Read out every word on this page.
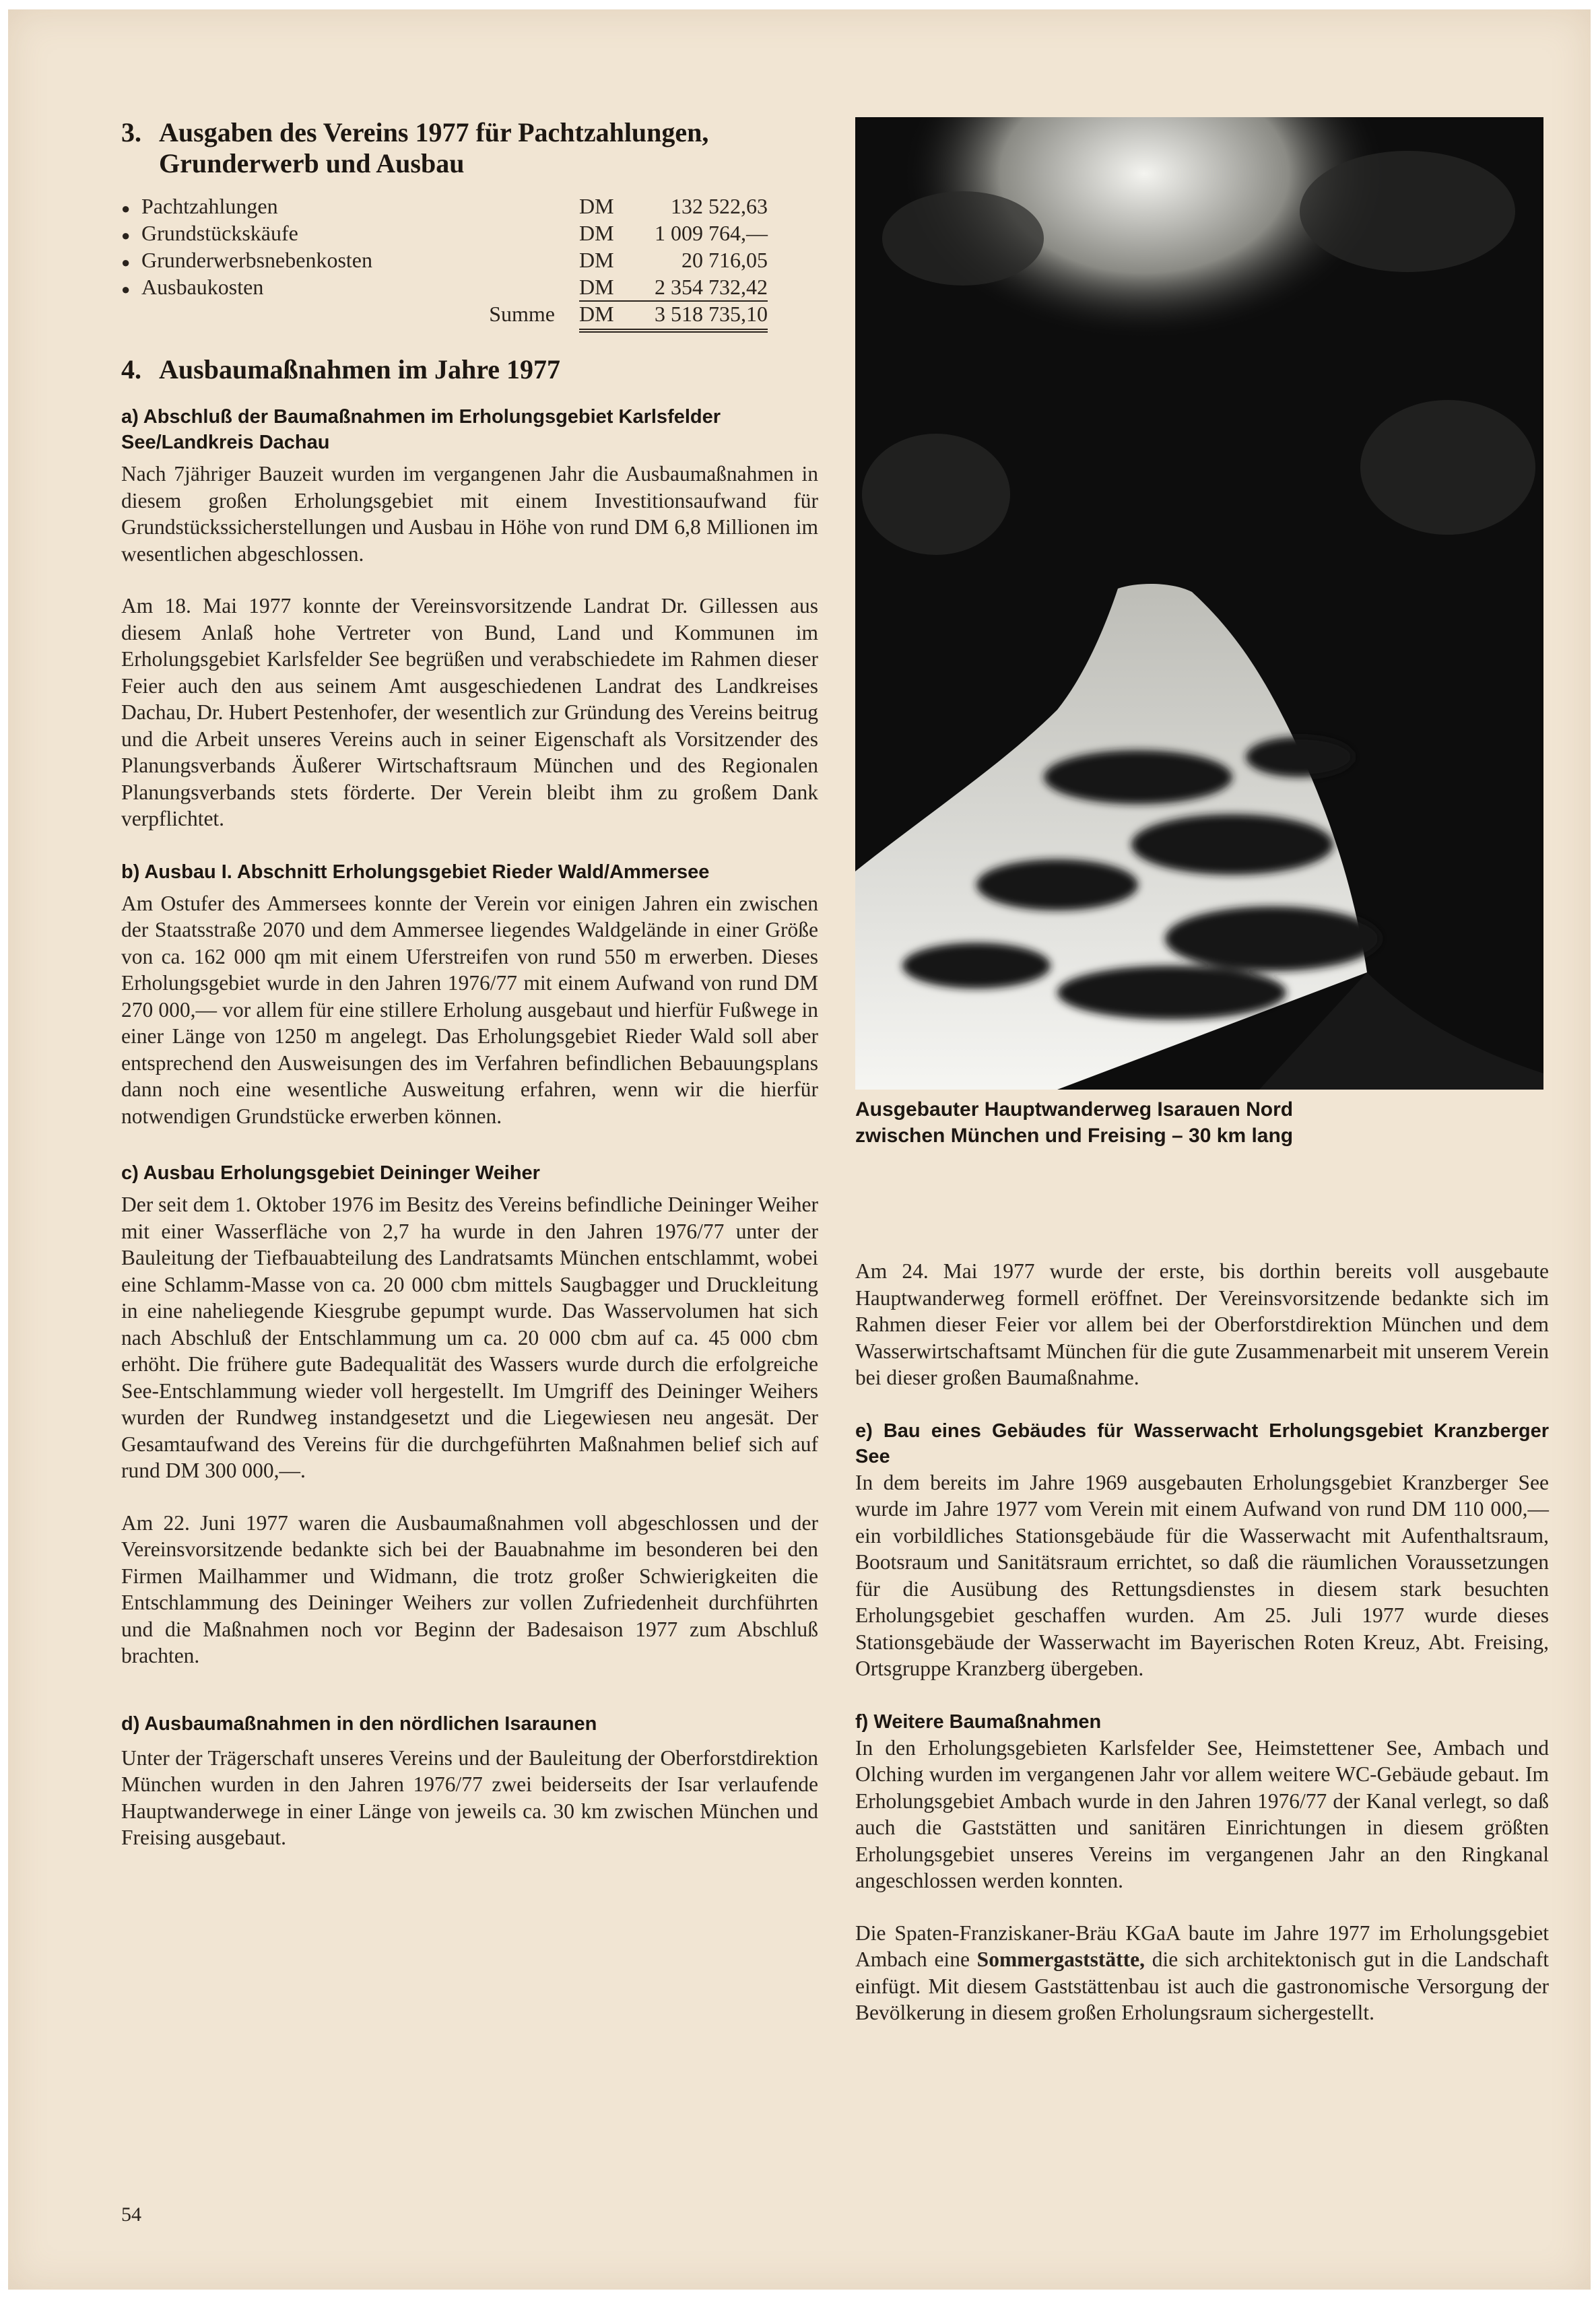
3. Ausgaben des Vereins 1977 für Pachtzahlungen, Grunderwerb und Ausbau
● Pachtzahlungen	DM	132 522,63
● Grundstückskäufe	DM	1 009 764,—
● Grunderwerbsnebenkosten	DM	20 716,05
● Ausbaukosten	DM	2 354 732,42
Summe	DM	3 518 735,10
4. Ausbaumaßnahmen im Jahre 1977
a) Abschluß der Baumaßnahmen im Erholungsgebiet Karlsfelder See/Landkreis Dachau

Nach 7jähriger Bauzeit wurden im vergangenen Jahr die Ausbaumaßnahmen in diesem großen Erholungsgebiet mit einem Investitionsaufwand für Grundstückssicherstellungen und Ausbau in Höhe von rund DM 6,8 Millionen im wesentlichen abgeschlossen.

Am 18. Mai 1977 konnte der Vereinsvorsitzende Landrat Dr. Gillessen aus diesem Anlaß hohe Vertreter von Bund, Land und Kommunen im Erholungsgebiet Karlsfelder See begrüßen und verabschiedete im Rahmen dieser Feier auch den aus seinem Amt ausgeschiedenen Landrat des Landkreises Dachau, Dr. Hubert Pestenhofer, der wesentlich zur Gründung des Vereins beitrug und die Arbeit unseres Vereins auch in seiner Eigenschaft als Vorsitzender des Planungsverbands Äußerer Wirtschaftsraum München und des Regionalen Planungsverbands stets förderte. Der Verein bleibt ihm zu großem Dank verpflichtet.

b) Ausbau I. Abschnitt Erholungsgebiet Rieder Wald/Ammersee

Am Ostufer des Ammersees konnte der Verein vor einigen Jahren ein zwischen der Staatsstraße 2070 und dem Ammersee liegendes Waldgelände in einer Größe von ca. 162 000 qm mit einem Uferstreifen von rund 550 m erwerben. Dieses Erholungsgebiet wurde in den Jahren 1976/77 mit einem Aufwand von rund DM 270 000,— vor allem für eine stillere Erholung ausgebaut und hierfür Fußwege in einer Länge von 1250 m angelegt. Das Erholungsgebiet Rieder Wald soll aber entsprechend den Ausweisungen des im Verfahren befindlichen Bebauungsplans dann noch eine wesentliche Ausweitung erfahren, wenn wir die hierfür notwendigen Grundstücke erwerben können.

c) Ausbau Erholungsgebiet Deininger Weiher

Der seit dem 1. Oktober 1976 im Besitz des Vereins befindliche Deininger Weiher mit einer Wasserfläche von 2,7 ha wurde in den Jahren 1976/77 unter der Bauleitung der Tiefbauabteilung des Landratsamts München entschlammt, wobei eine Schlamm-Masse von ca. 20 000 cbm mittels Saugbagger und Druckleitung in eine naheliegende Kiesgrube gepumpt wurde. Das Wasservolumen hat sich nach Abschluß der Entschlammung um ca. 20 000 cbm auf ca. 45 000 cbm erhöht. Die frühere gute Badequalität des Wassers wurde durch die erfolgreiche See-Entschlammung wieder voll hergestellt. Im Umgriff des Deininger Weihers wurden der Rundweg instandgesetzt und die Liegewiesen neu angesät. Der Gesamtaufwand des Vereins für die durchgeführten Maßnahmen belief sich auf rund DM 300 000,—.

Am 22. Juni 1977 waren die Ausbaumaßnahmen voll abgeschlossen und der Vereinsvorsitzende bedankte sich bei der Bauabnahme im besonderen bei den Firmen Mailhammer und Widmann, die trotz großer Schwierigkeiten die Entschlammung des Deininger Weihers zur vollen Zufriedenheit durchführten und die Maßnahmen noch vor Beginn der Badesaison 1977 zum Abschluß brachten.

d) Ausbaumaßnahmen in den nördlichen Isaraunen

Unter der Trägerschaft unseres Vereins und der Bauleitung der Oberforstdirektion München wurden in den Jahren 1976/77 zwei beiderseits der Isar verlaufende Hauptwanderwege in einer Länge von jeweils ca. 30 km zwischen München und Freising ausgebaut.

Ausgebauter Hauptwanderweg Isarauen Nord
zwischen München und Freising – 30 km lang

Am 24. Mai 1977 wurde der erste, bis dorthin bereits voll ausgebaute Hauptwanderweg formell eröffnet. Der Vereinsvorsitzende bedankte sich im Rahmen dieser Feier vor allem bei der Oberforstdirektion München und dem Wasserwirtschaftsamt München für die gute Zusammenarbeit mit unserem Verein bei dieser großen Baumaßnahme.

e) Bau eines Gebäudes für Wasserwacht Erholungsgebiet Kranzberger See

In dem bereits im Jahre 1969 ausgebauten Erholungsgebiet Kranzberger See wurde im Jahre 1977 vom Verein mit einem Aufwand von rund DM 110 000,— ein vorbildliches Stationsgebäude für die Wasserwacht mit Aufenthaltsraum, Bootsraum und Sanitätsraum errichtet, so daß die räumlichen Voraussetzungen für die Ausübung des Rettungsdienstes in diesem stark besuchten Erholungsgebiet geschaffen wurden. Am 25. Juli 1977 wurde dieses Stationsgebäude der Wasserwacht im Bayerischen Roten Kreuz, Abt. Freising, Ortsgruppe Kranzberg übergeben.

f) Weitere Baumaßnahmen

In den Erholungsgebieten Karlsfelder See, Heimstettener See, Ambach und Olching wurden im vergangenen Jahr vor allem weitere WC-Gebäude gebaut. Im Erholungsgebiet Ambach wurde in den Jahren 1976/77 der Kanal verlegt, so daß auch die Gaststätten und sanitären Einrichtungen in diesem größten Erholungsgebiet unseres Vereins im vergangenen Jahr an den Ringkanal angeschlossen werden konnten.

Die Spaten-Franziskaner-Bräu KGaA baute im Jahre 1977 im Erholungsgebiet Ambach eine Sommergaststätte, die sich architektonisch gut in die Landschaft einfügt. Mit diesem Gaststättenbau ist auch die gastronomische Versorgung der Bevölkerung in diesem großen Erholungsraum sichergestellt.

54
